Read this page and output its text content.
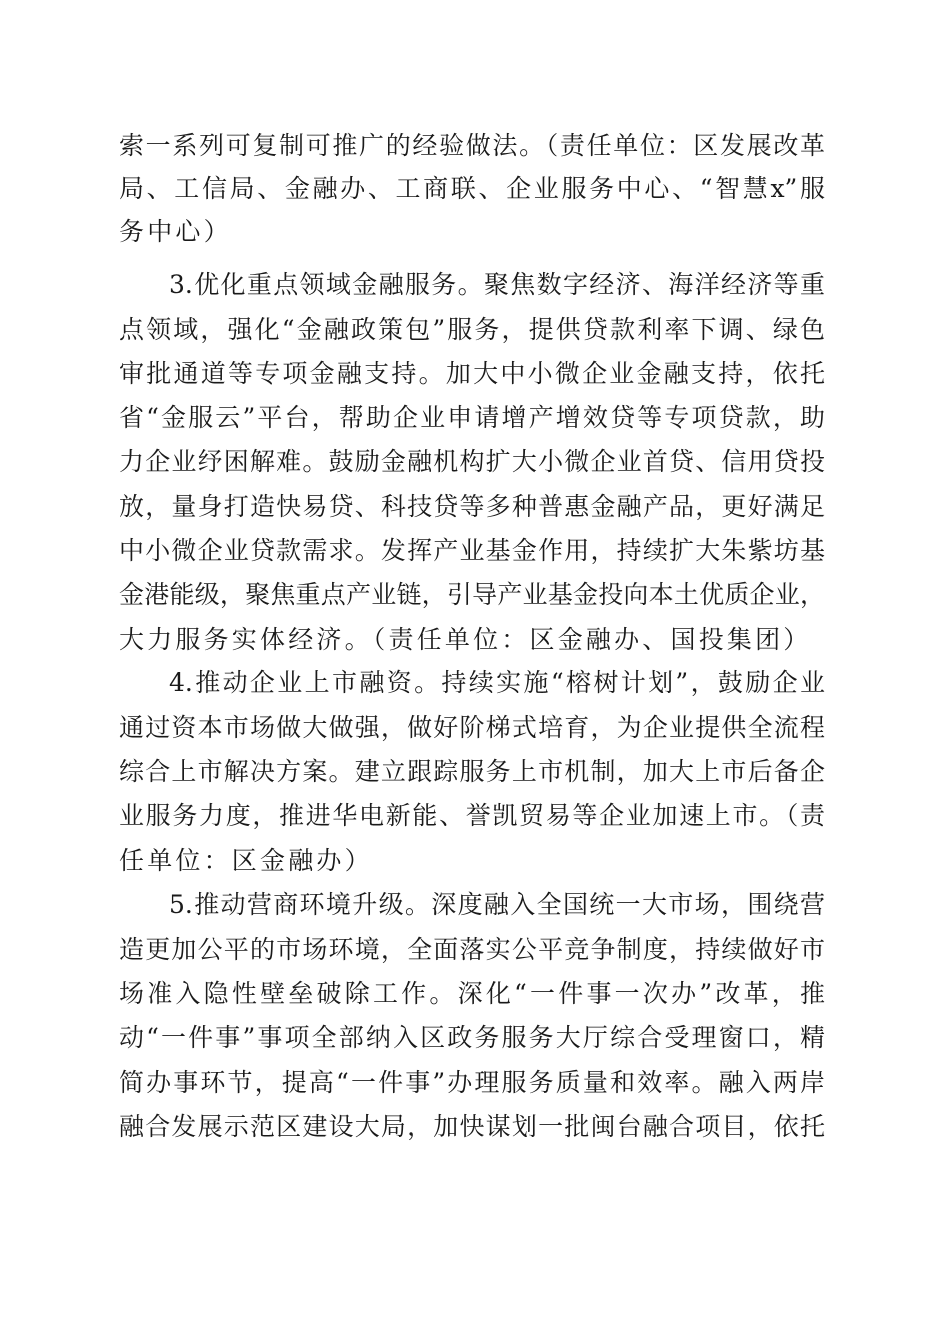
索一系列可复制可推广的经验做法。（责任单位：区发展改革
局、工信局、金融办、工商联、企业服务中心、“智慧x”服
务中心）
3.优化重点领域金融服务。聚焦数字经济、海洋经济等重
点领域，强化“金融政策包”服务，提供贷款利率下调、绿色
审批通道等专项金融支持。加大中小微企业金融支持，依托
省“金服云”平台，帮助企业申请增产增效贷等专项贷款，助
力企业纾困解难。鼓励金融机构扩大小微企业首贷、信用贷投
放，量身打造快易贷、科技贷等多种普惠金融产品，更好满足
中小微企业贷款需求。发挥产业基金作用，持续扩大朱紫坊基
金港能级，聚焦重点产业链，引导产业基金投向本土优质企业，
大力服务实体经济。（责任单位：区金融办、国投集团）
4.推动企业上市融资。持续实施“榕树计划”，鼓励企业
通过资本市场做大做强，做好阶梯式培育，为企业提供全流程
综合上市解决方案。建立跟踪服务上市机制，加大上市后备企
业服务力度，推进华电新能、誉凯贸易等企业加速上市。（责
任单位：区金融办）
5.推动营商环境升级。深度融入全国统一大市场，围绕营
造更加公平的市场环境，全面落实公平竞争制度，持续做好市
场准入隐性壁垒破除工作。深化“一件事一次办”改革，推
动“一件事”事项全部纳入区政务服务大厅综合受理窗口，精
简办事环节，提高“一件事”办理服务质量和效率。融入两岸
融合发展示范区建设大局，加快谋划一批闽台融合项目，依托
